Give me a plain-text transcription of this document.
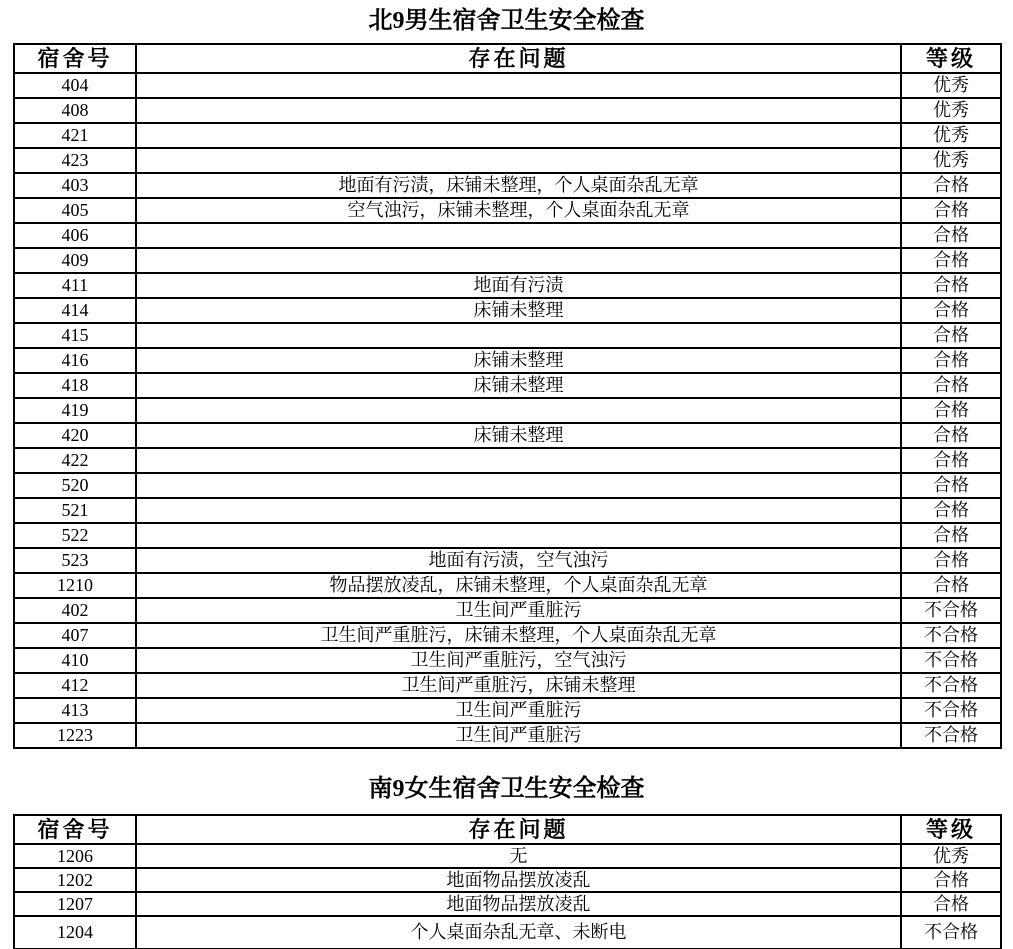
北9男生宿舍卫生安全检查
宿舍号	存在问题	等级
404		优秀
408		优秀
421		优秀
423		优秀
403	地面有污渍，床铺未整理，个人桌面杂乱无章	合格
405	空气浊污，床铺未整理，个人桌面杂乱无章	合格
406		合格
409		合格
411	地面有污渍	合格
414	床铺未整理	合格
415		合格
416	床铺未整理	合格
418	床铺未整理	合格
419		合格
420	床铺未整理	合格
422		合格
520		合格
521		合格
522		合格
523	地面有污渍，空气浊污	合格
1210	物品摆放凌乱，床铺未整理，个人桌面杂乱无章	合格
402	卫生间严重脏污	不合格
407	卫生间严重脏污，床铺未整理，个人桌面杂乱无章	不合格
410	卫生间严重脏污，空气浊污	不合格
412	卫生间严重脏污，床铺未整理	不合格
413	卫生间严重脏污	不合格
1223	卫生间严重脏污	不合格
南9女生宿舍卫生安全检查
宿舍号	存在问题	等级
1206	无	优秀
1202	地面物品摆放凌乱	合格
1207	地面物品摆放凌乱	合格
1204	个人桌面杂乱无章、未断电	不合格
